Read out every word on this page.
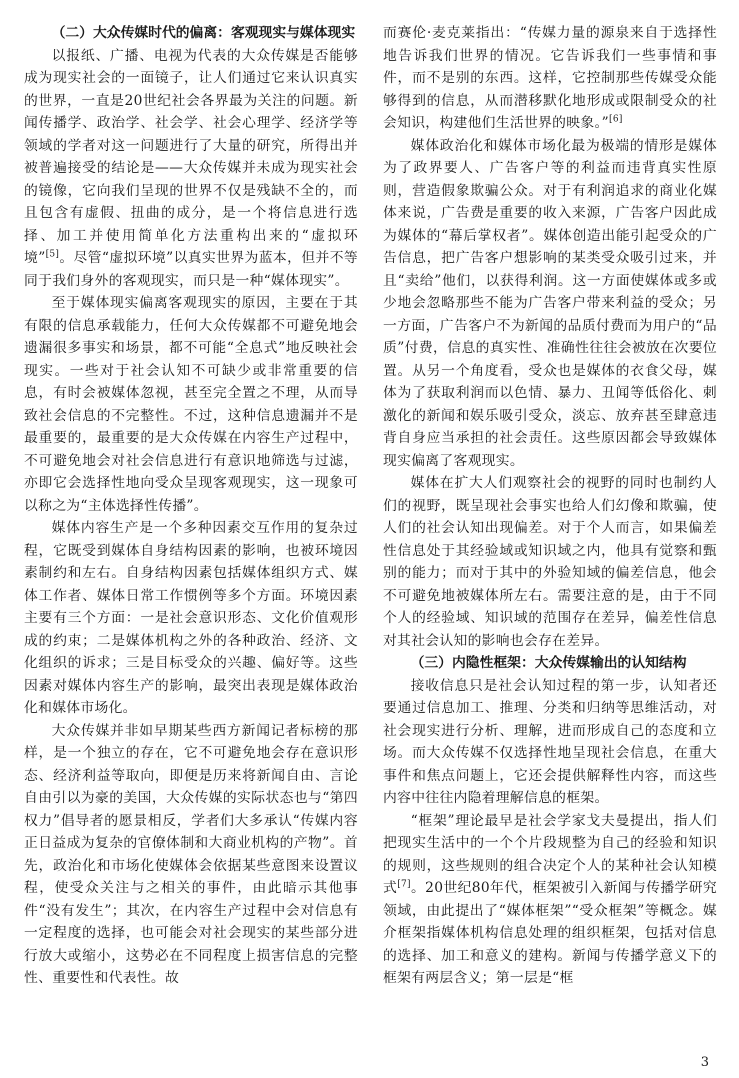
（二）大众传媒时代的偏离：客观现实与媒体现实

以报纸、广播、电视为代表的大众传媒是否能够成为现实社会的一面镜子，让人们通过它来认识真实的世界，一直是20世纪社会各界最为关注的问题。新闻传播学、政治学、社会学、社会心理学、经济学等领域的学者对这一问题进行了大量的研究，所得出并被普遍接受的结论是——大众传媒并未成为现实社会的镜像，它向我们呈现的世界不仅是残缺不全的，而且包含有虚假、扭曲的成分，是一个将信息进行选择、加工并使用简单化方法重构出来的“虚拟环境”[5]。尽管“虚拟环境”以真实世界为蓝本，但并不等同于我们身外的客观现实，而只是一种“媒体现实”。

至于媒体现实偏离客观现实的原因，主要在于其有限的信息承载能力，任何大众传媒都不可避免地会遗漏很多事实和场景，都不可能“全息式”地反映社会现实。一些对于社会认知不可缺少或非常重要的信息，有时会被媒体忽视，甚至完全置之不理，从而导致社会信息的不完整性。不过，这种信息遗漏并不是最重要的，最重要的是大众传媒在内容生产过程中，不可避免地会对社会信息进行有意识地筛选与过滤，亦即它会选择性地向受众呈现客观现实，这一现象可以称之为“主体选择性传播”。

媒体内容生产是一个多种因素交互作用的复杂过程，它既受到媒体自身结构因素的影响，也被环境因素制约和左右。自身结构因素包括媒体组织方式、媒体工作者、媒体日常工作惯例等多个方面。环境因素主要有三个方面：一是社会意识形态、文化价值观形成的约束；二是媒体机构之外的各种政治、经济、文化组织的诉求；三是目标受众的兴趣、偏好等。这些因素对媒体内容生产的影响，最突出表现是媒体政治化和媒体市场化。

大众传媒并非如早期某些西方新闻记者标榜的那样，是一个独立的存在，它不可避免地会存在意识形态、经济利益等取向，即便是历来将新闻自由、言论自由引以为豪的美国，大众传媒的实际状态也与“第四权力”倡导者的愿景相反，学者们大多承认“传媒内容正日益成为复杂的官僚体制和大商业机构的产物”。首先，政治化和市场化使媒体会依据某些意图来设置议程，使受众关注与之相关的事件，由此暗示其他事件“没有发生”；其次，在内容生产过程中会对信息有一定程度的选择，也可能会对社会现实的某些部分进行放大或缩小，这势必在不同程度上损害信息的完整性、重要性和代表性。故

而赛伦·麦克莱指出：“传媒力量的源泉来自于选择性地告诉我们世界的情况。它告诉我们一些事情和事件，而不是别的东西。这样，它控制那些传媒受众能够得到的信息，从而潜移默化地形成或限制受众的社会知识，构建他们生活世界的映象。”[6]

媒体政治化和媒体市场化最为极端的情形是媒体为了政界要人、广告客户等的利益而违背真实性原则，营造假象欺骗公众。对于有利润追求的商业化媒体来说，广告费是重要的收入来源，广告客户因此成为媒体的“幕后掌权者”。媒体创造出能引起受众的广告信息，把广告客户想影响的某类受众吸引过来，并且“卖给”他们，以获得利润。这一方面使媒体或多或少地会忽略那些不能为广告客户带来利益的受众；另一方面，广告客户不为新闻的品质付费而为用户的“品质”付费，信息的真实性、准确性往往会被放在次要位置。从另一个角度看，受众也是媒体的衣食父母，媒体为了获取利润而以色情、暴力、丑闻等低俗化、刺激化的新闻和娱乐吸引受众，淡忘、放弃甚至肆意违背自身应当承担的社会责任。这些原因都会导致媒体现实偏离了客观现实。

媒体在扩大人们观察社会的视野的同时也制约人们的视野，既呈现社会事实也给人们幻像和欺骗，使人们的社会认知出现偏差。对于个人而言，如果偏差性信息处于其经验域或知识域之内，他具有觉察和甄别的能力；而对于其中的外验知域的偏差信息，他会不可避免地被媒体所左右。需要注意的是，由于不同个人的经验域、知识域的范围存在差异，偏差性信息对其社会认知的影响也会存在差异。

（三）内隐性框架：大众传媒输出的认知结构

接收信息只是社会认知过程的第一步，认知者还要通过信息加工、推理、分类和归纳等思维活动，对社会现实进行分析、理解，进而形成自己的态度和立场。而大众传媒不仅选择性地呈现社会信息，在重大事件和焦点问题上，它还会提供解释性内容，而这些内容中往往内隐着理解信息的框架。

“框架”理论最早是社会学家戈夫曼提出，指人们把现实生活中的一个个片段规整为自己的经验和知识的规则，这些规则的组合决定个人的某种社会认知模式[7]。20世纪80年代，框架被引入新闻与传播学研究领域，由此提出了“媒体框架”“受众框架”等概念。媒介框架指媒体机构信息处理的组织框架，包括对信息的选择、加工和意义的建构。新闻与传播学意义下的框架有两层含义；第一层是“框

3
